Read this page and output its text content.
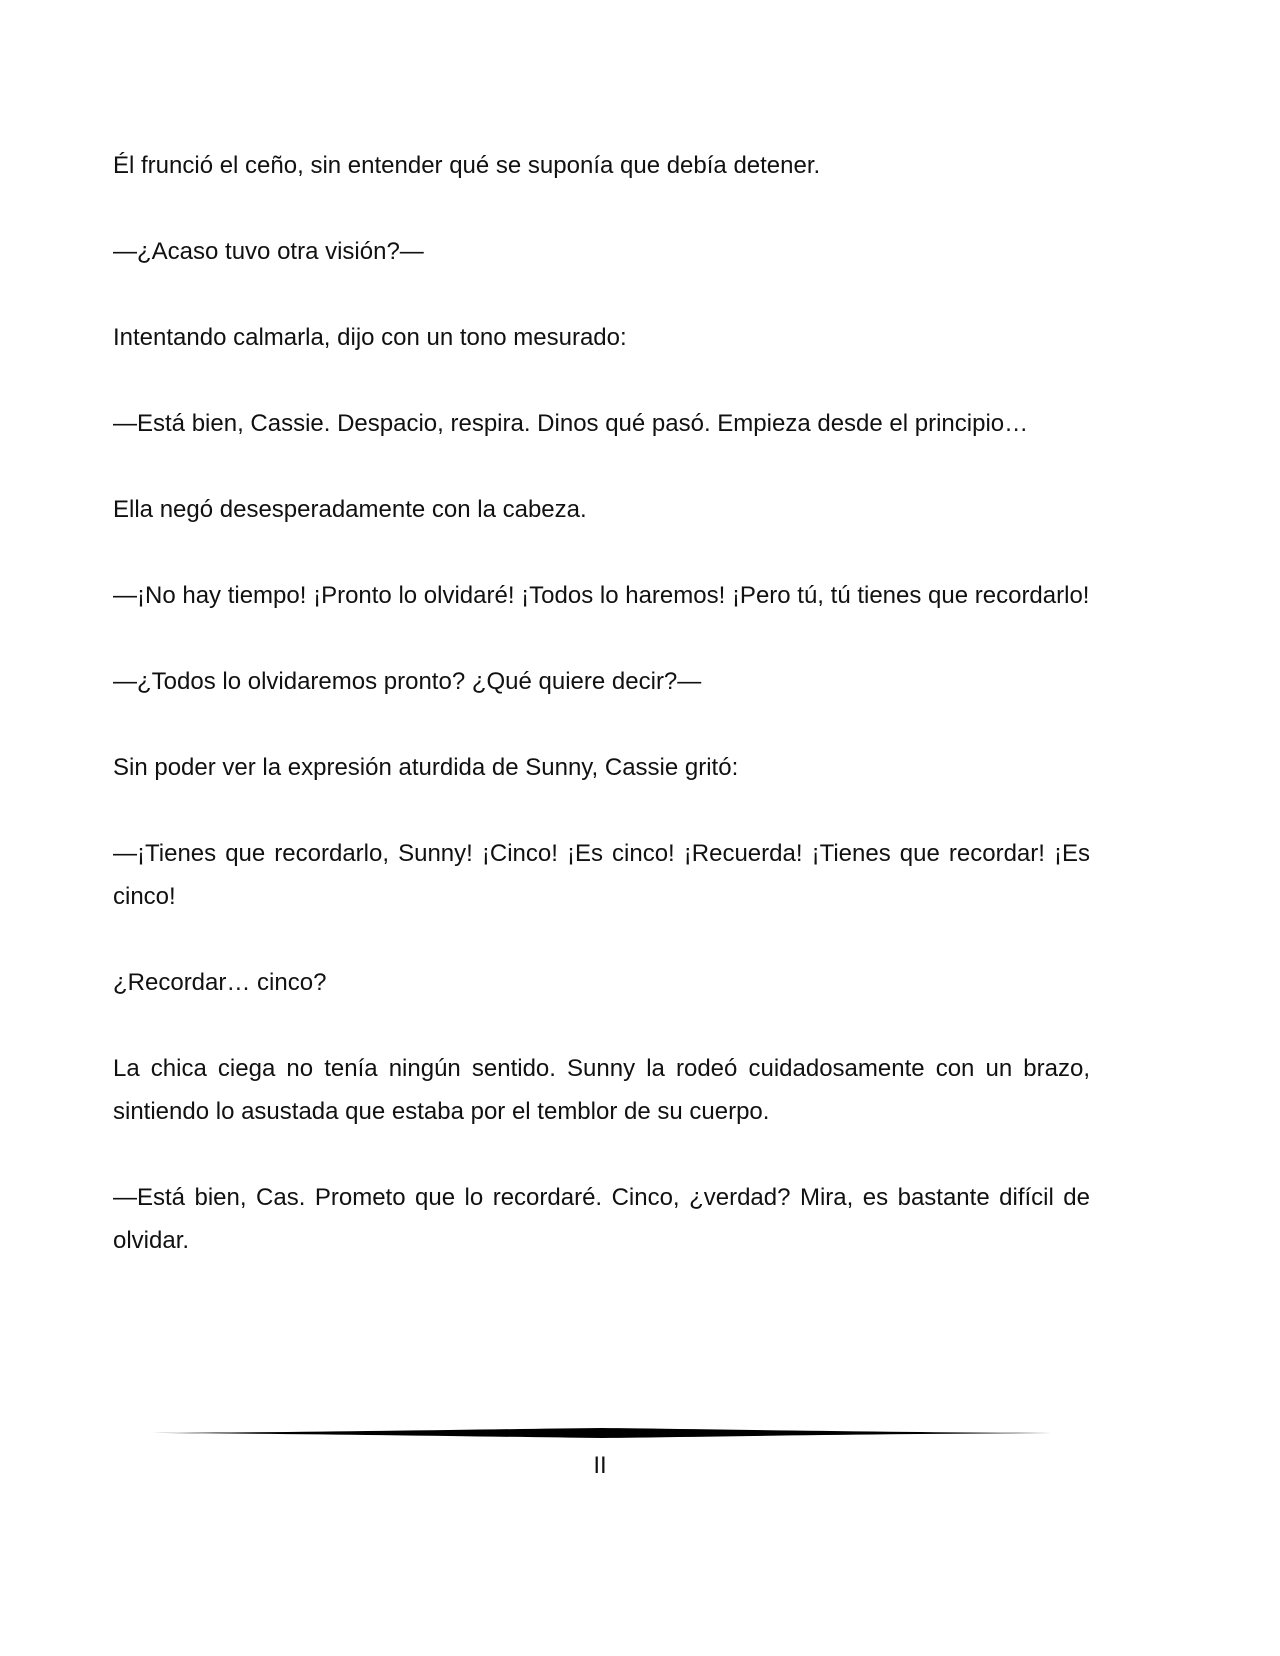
Él frunció el ceño, sin entender qué se suponía que debía detener.

—¿Acaso tuvo otra visión?—

Intentando calmarla, dijo con un tono mesurado:

—Está bien, Cassie. Despacio, respira. Dinos qué pasó. Empieza desde el principio…

Ella negó desesperadamente con la cabeza.

—¡No hay tiempo! ¡Pronto lo olvidaré! ¡Todos lo haremos! ¡Pero tú, tú tienes que recordarlo!

—¿Todos lo olvidaremos pronto? ¿Qué quiere decir?—

Sin poder ver la expresión aturdida de Sunny, Cassie gritó:

—¡Tienes que recordarlo, Sunny! ¡Cinco! ¡Es cinco! ¡Recuerda! ¡Tienes que recordar! ¡Es cinco!

¿Recordar… cinco?

La chica ciega no tenía ningún sentido. Sunny la rodeó cuidadosamente con un brazo, sintiendo lo asustada que estaba por el temblor de su cuerpo.

—Está bien, Cas. Prometo que lo recordaré. Cinco, ¿verdad? Mira, es bastante difícil de olvidar.

II
